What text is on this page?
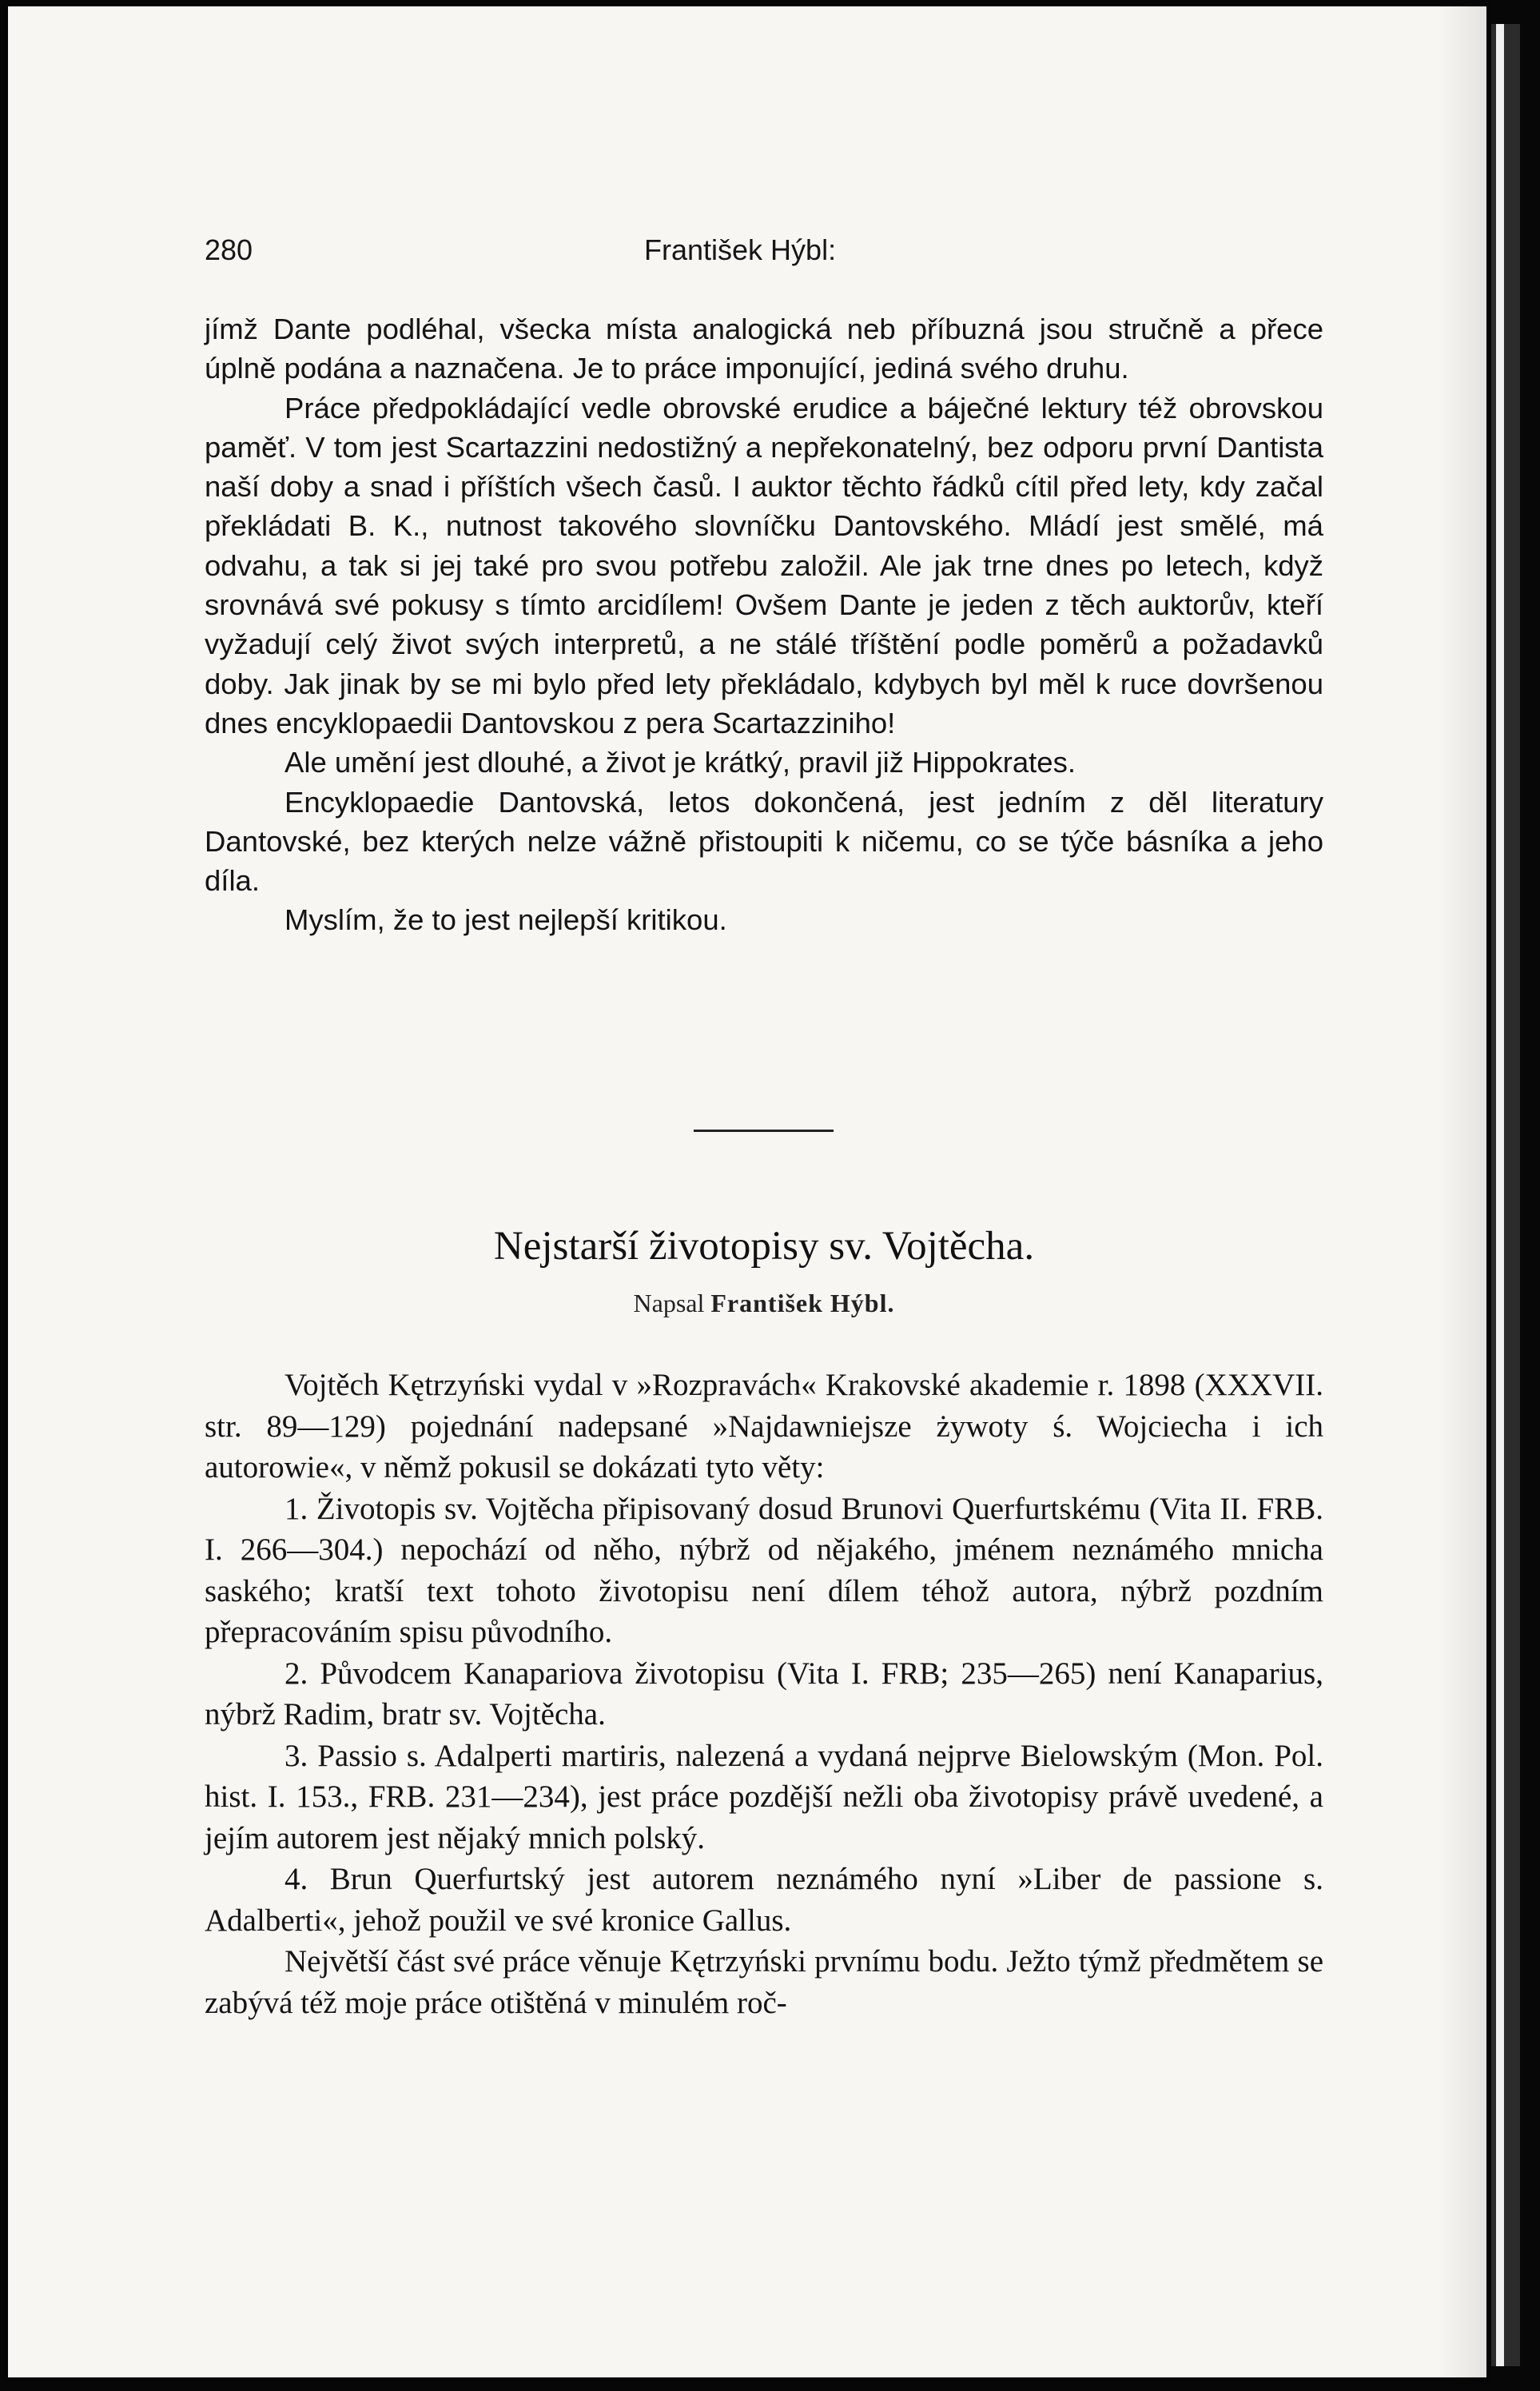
280	František Hýbl:

jímž Dante podléhal, všecka místa analogická neb příbuzná jsou stručně a přece úplně podána a naznačena. Je to práce imponující, jediná svého druhu.

Práce předpokládající vedle obrovské erudice a báječné lektury též obrovskou paměť. V tom jest Scartazzini nedostižný a nepřekonatelný, bez odporu první Dantista naší doby a snad i příštích všech časů. I auktor těchto řádků cítil před lety, kdy začal překládati B. K., nutnost takového slovníčku Dantovského. Mládí jest smělé, má odvahu, a tak si jej také pro svou potřebu založil. Ale jak trne dnes po letech, když srovnává své pokusy s tímto arcidílem! Ovšem Dante je jeden z těch auktorův, kteří vyžadují celý život svých interpretů, a ne stálé tříštění podle poměrů a požadavků doby. Jak jinak by se mi bylo před lety překládalo, kdybych byl měl k ruce dovršenou dnes encyklopaedii Dantovskou z pera Scartazziniho!

Ale umění jest dlouhé, a život je krátký, pravil již Hippokrates.

Encyklopaedie Dantovská, letos dokončená, jest jedním z děl literatury Dantovské, bez kterých nelze vážně přistoupiti k ničemu, co se týče básníka a jeho díla.

Myslím, že to jest nejlepší kritikou.

Nejstarší životopisy sv. Vojtěcha.
Napsal František Hýbl.

Vojtěch Kętrzyński vydal v »Rozpravách« Krakovské akademie r. 1898 (XXXVII. str. 89—129) pojednání nadepsané »Najdawniejsze żywoty ś. Wojciecha i ich autorowie«, v němž pokusil se dokázati tyto věty:

1. Životopis sv. Vojtěcha připisovaný dosud Brunovi Querfurtskému (Vita II. FRB. I. 266—304.) nepochází od něho, nýbrž od nějakého, jménem neznámého mnicha saského; kratší text tohoto životopisu není dílem téhož autora, nýbrž pozdním přepracováním spisu původního.

2. Původcem Kanapariova životopisu (Vita I. FRB; 235—265) není Kanaparius, nýbrž Radim, bratr sv. Vojtěcha.

3. Passio s. Adalperti martiris, nalezená a vydaná nejprve Bielowským (Mon. Pol. hist. I. 153., FRB. 231—234), jest práce pozdější nežli oba životopisy právě uvedené, a jejím autorem jest nějaký mnich polský.

4. Brun Querfurtský jest autorem neznámého nyní »Liber de passione s. Adalberti«, jehož použil ve své kronice Gallus.

Největší část své práce věnuje Kętrzyński prvnímu bodu. Ježto týmž předmětem se zabývá též moje práce otištěná v minulém roč-
